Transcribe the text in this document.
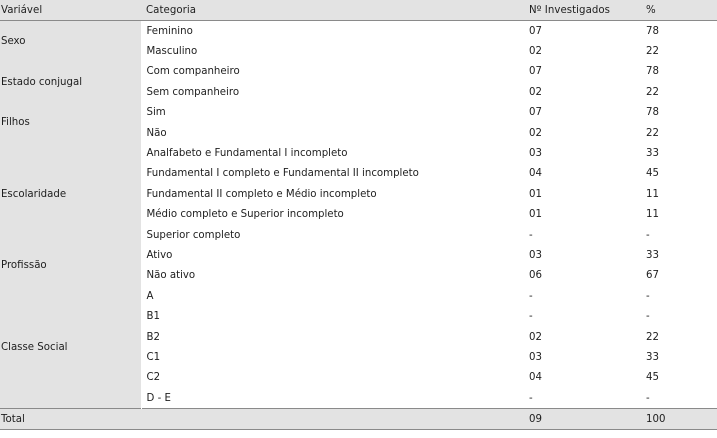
Variável	Categoria	Nº Investigados	%
Sexo	Feminino	07	78
	Masculino	02	22
Estado conjugal	Com companheiro	07	78
	Sem companheiro	02	22
Filhos	Sim	07	78
	Não	02	22
Escolaridade	Analfabeto e Fundamental I incompleto	03	33
	Fundamental I completo e Fundamental II incompleto	04	45
	Fundamental II completo e Médio incompleto	01	11
	Médio completo e Superior incompleto	01	11
	Superior completo	-	-
Profissão	Ativo	03	33
	Não ativo	06	67
Classe Social	A	-	-
	B1	-	-
	B2	02	22
	C1	03	33
	C2	04	45
	D - E	-	-
Total		09	100
